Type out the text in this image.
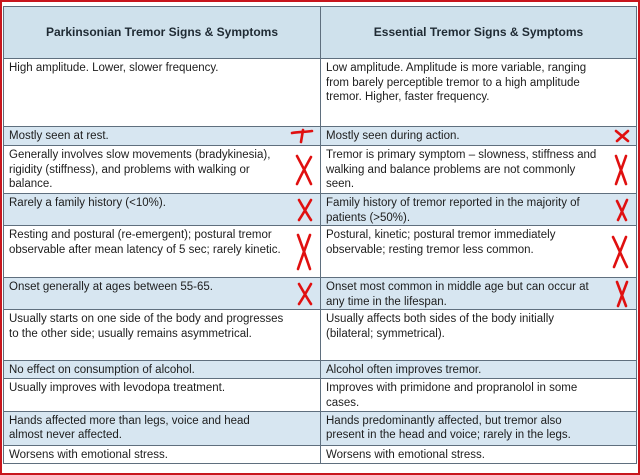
Parkinsonian Tremor Signs & Symptoms	Essential Tremor Signs & Symptoms

High amplitude. Lower, slower frequency.	Low amplitude. Amplitude is more variable, ranging from barely perceptible tremor to a high amplitude tremor. Higher, faster frequency.

Mostly seen at rest.	Mostly seen during action.

Generally involves slow movements (bradykinesia), rigidity (stiffness), and problems with walking or balance.	Tremor is primary symptom – slowness, stiffness and walking and balance problems are not commonly seen.

Rarely a family history (<10%).	Family history of tremor reported in the majority of patients (>50%).

Resting and postural (re-emergent); postural tremor observable after mean latency of 5 sec; rarely kinetic.	Postural, kinetic; postural tremor immediately observable; resting tremor less common.

Onset generally at ages between 55-65.	Onset most common in middle age but can occur at any time in the lifespan.

Usually starts on one side of the body and progresses to the other side; usually remains asymmetrical.	Usually affects both sides of the body initially (bilateral; symmetrical).

No effect on consumption of alcohol.	Alcohol often improves tremor.

Usually improves with levodopa treatment.	Improves with primidone and propranolol in some cases.

Hands affected more than legs, voice and head almost never affected.	Hands predominantly affected, but tremor also present in the head and voice; rarely in the legs.

Worsens with emotional stress.	Worsens with emotional stress.
